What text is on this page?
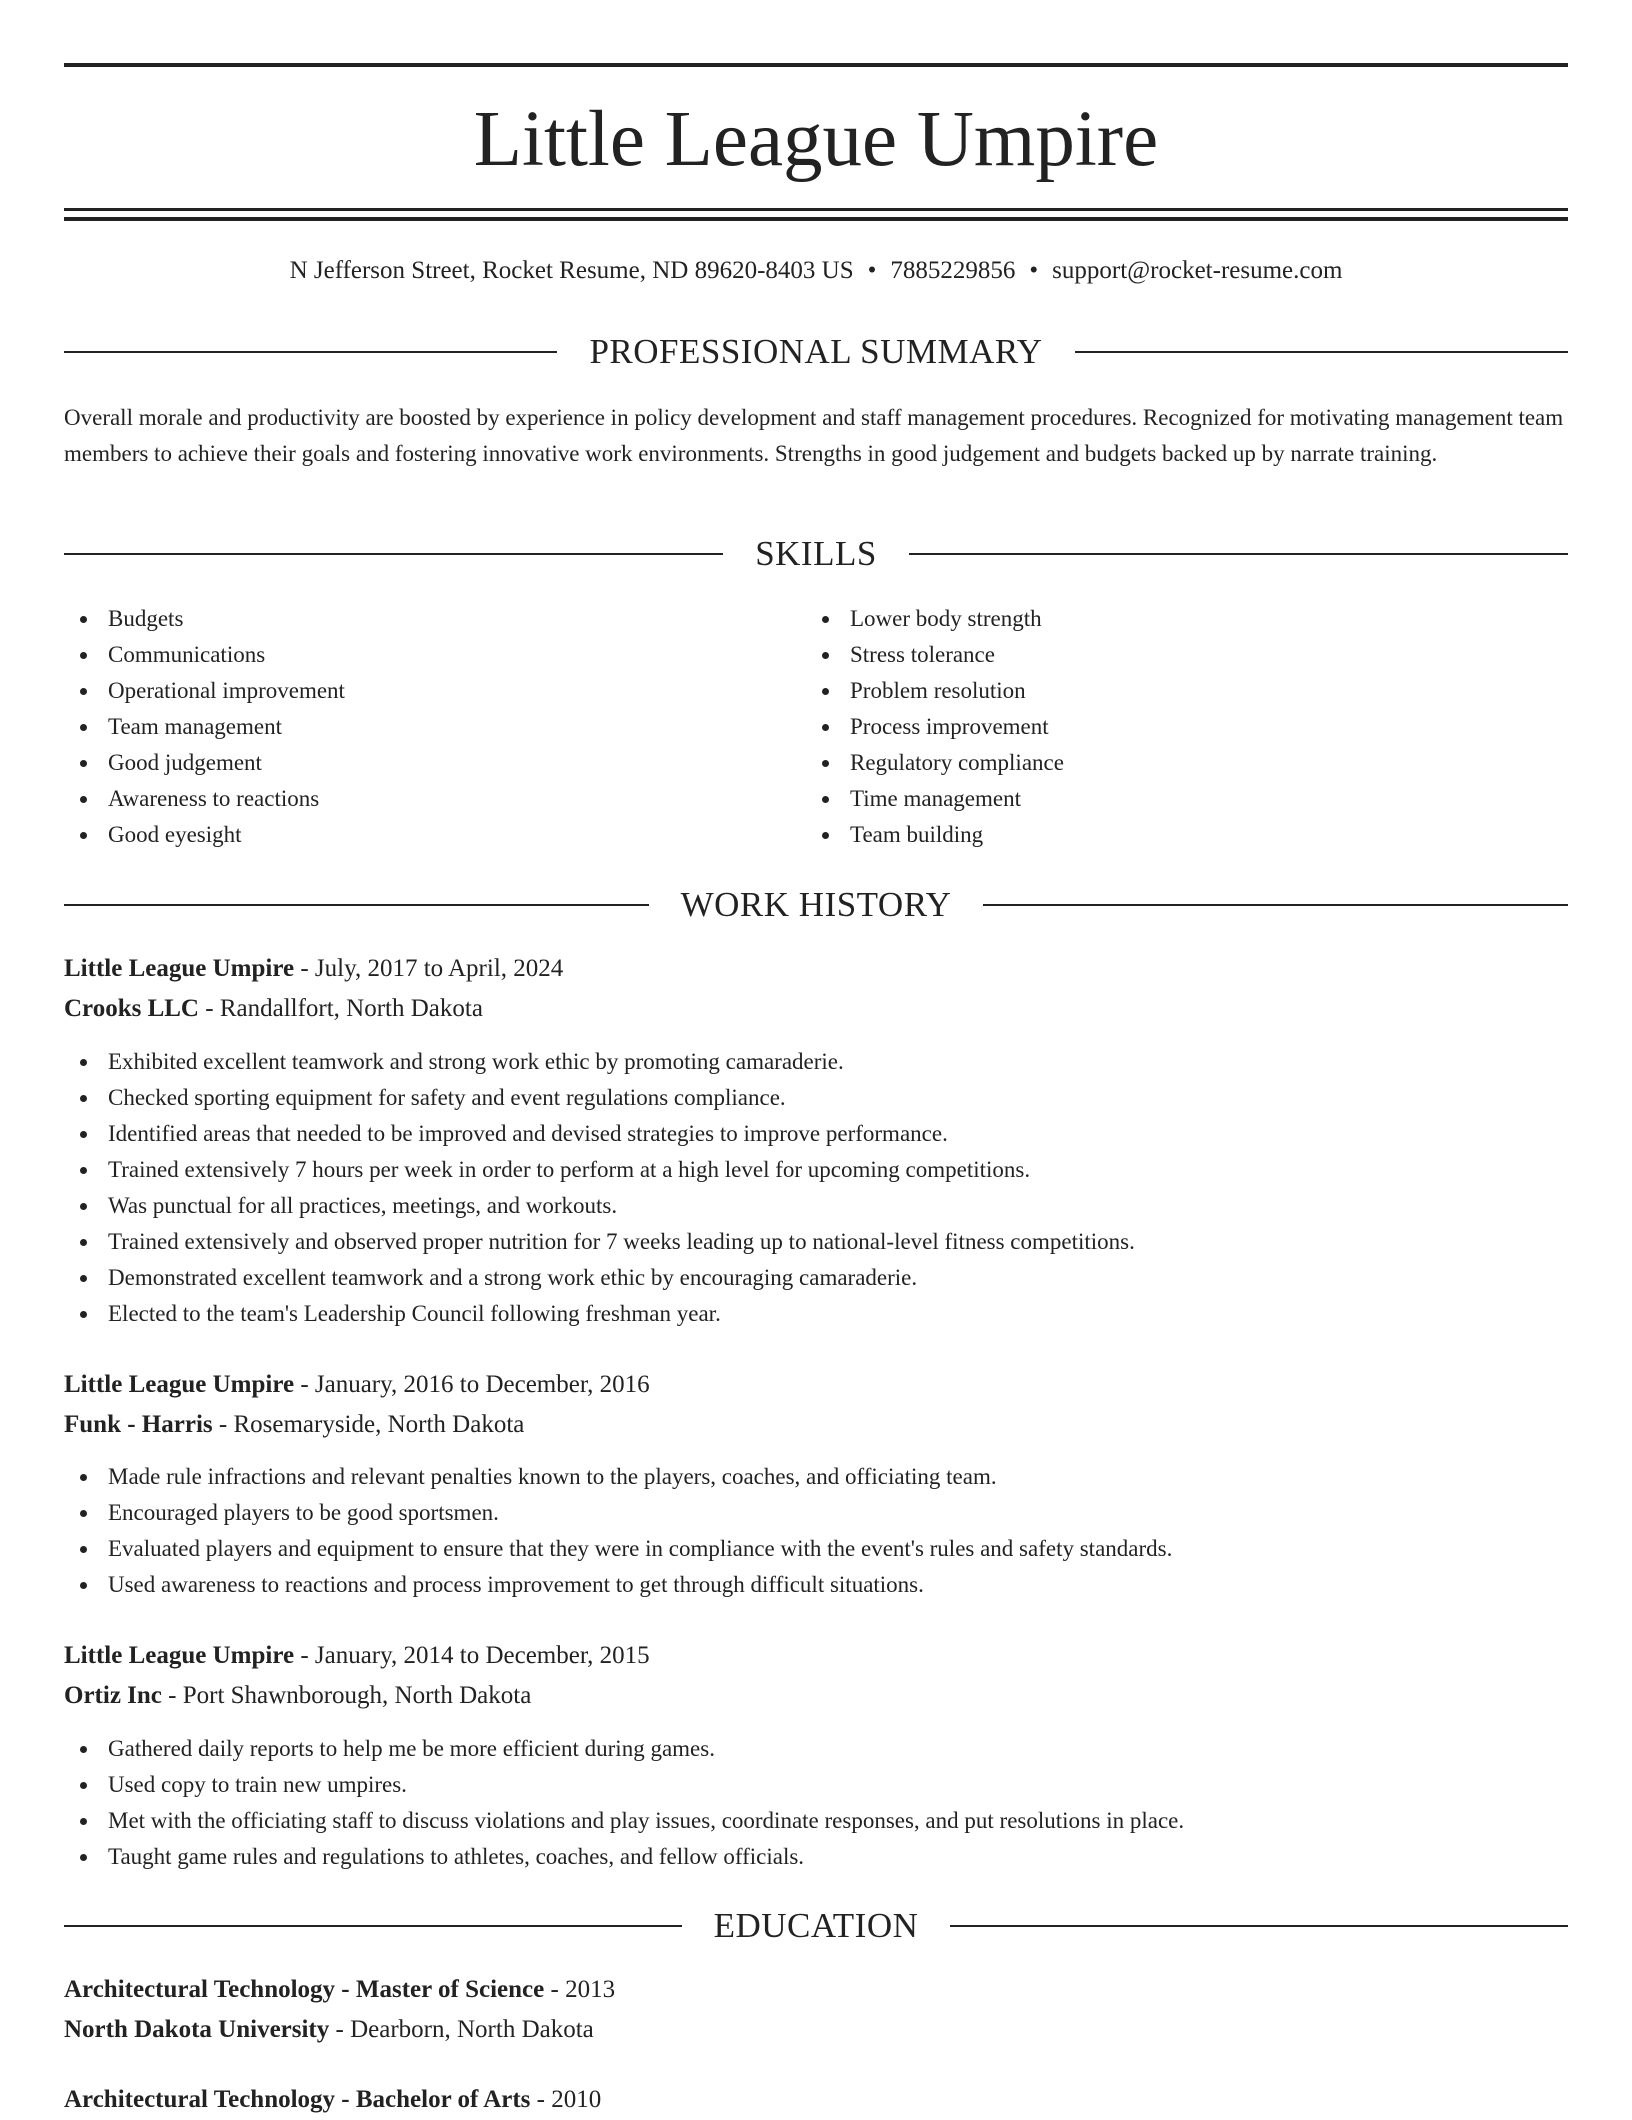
Little League Umpire
N Jefferson Street, Rocket Resume, ND 89620-8403 US • 7885229856 • support@rocket-resume.com
PROFESSIONAL SUMMARY

Overall morale and productivity are boosted by experience in policy development and staff management procedures. Recognized for motivating management team members to achieve their goals and fostering innovative work environments. Strengths in good judgement and budgets backed up by narrate training.

SKILLS
Budgets
Communications
Operational improvement
Team management
Good judgement
Awareness to reactions
Good eyesight
Lower body strength
Stress tolerance
Problem resolution
Process improvement
Regulatory compliance
Time management
Team building
WORK HISTORY
Little League Umpire - July, 2017 to April, 2024
Crooks LLC - Randallfort, North Dakota
Exhibited excellent teamwork and strong work ethic by promoting camaraderie.
Checked sporting equipment for safety and event regulations compliance.
Identified areas that needed to be improved and devised strategies to improve performance.
Trained extensively 7 hours per week in order to perform at a high level for upcoming competitions.
Was punctual for all practices, meetings, and workouts.
Trained extensively and observed proper nutrition for 7 weeks leading up to national-level fitness competitions.
Demonstrated excellent teamwork and a strong work ethic by encouraging camaraderie.
Elected to the team's Leadership Council following freshman year.
Little League Umpire - January, 2016 to December, 2016
Funk - Harris - Rosemaryside, North Dakota
Made rule infractions and relevant penalties known to the players, coaches, and officiating team.
Encouraged players to be good sportsmen.
Evaluated players and equipment to ensure that they were in compliance with the event's rules and safety standards.
Used awareness to reactions and process improvement to get through difficult situations.
Little League Umpire - January, 2014 to December, 2015
Ortiz Inc - Port Shawnborough, North Dakota
Gathered daily reports to help me be more efficient during games.
Used copy to train new umpires.
Met with the officiating staff to discuss violations and play issues, coordinate responses, and put resolutions in place.
Taught game rules and regulations to athletes, coaches, and fellow officials.
EDUCATION
Architectural Technology - Master of Science - 2013
North Dakota University - Dearborn, North Dakota
Architectural Technology - Bachelor of Arts - 2010
